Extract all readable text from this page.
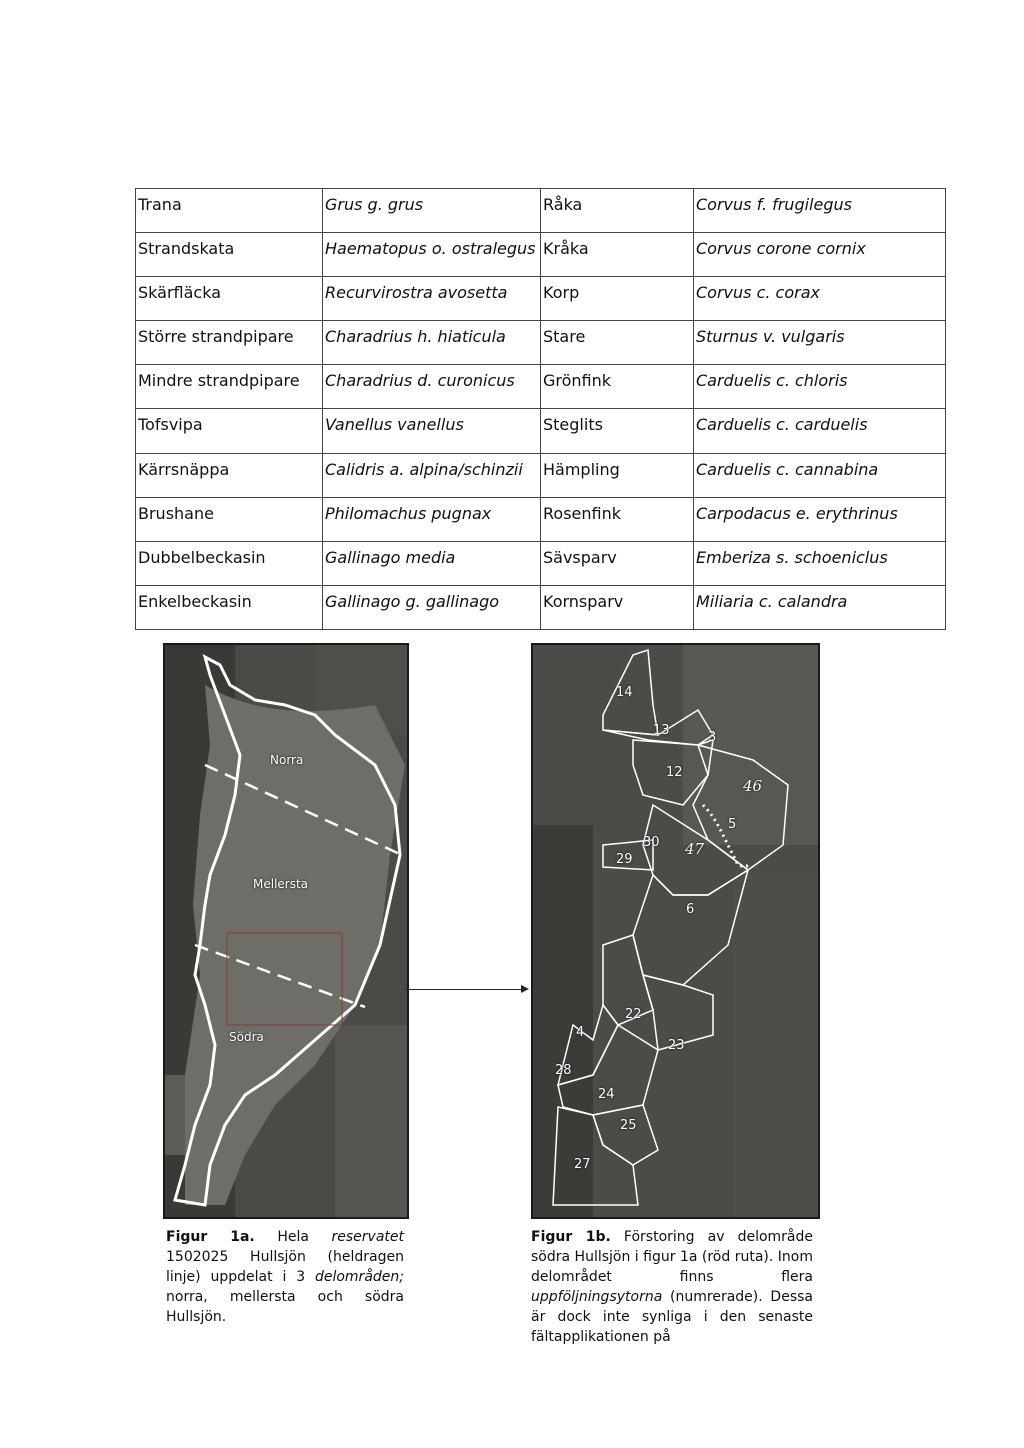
Trana	Grus g. grus	Råka	Corvus f. frugilegus
Strandskata	Haematopus o. ostralegus	Kråka	Corvus corone cornix
Skärfläcka	Recurvirostra avosetta	Korp	Corvus c. corax
Större strandpipare	Charadrius h. hiaticula	Stare	Sturnus v. vulgaris
Mindre strandpipare	Charadrius d. curonicus	Grönfink	Carduelis c. chloris
Tofsvipa	Vanellus vanellus	Steglits	Carduelis c. carduelis
Kärrsnäppa	Calidris a. alpina/schinzii	Hämpling	Carduelis c. cannabina
Brushane	Philomachus pugnax	Rosenfink	Carpodacus e. erythrinus
Dubbelbeckasin	Gallinago media	Sävsparv	Emberiza s. schoeniclus
Enkelbeckasin	Gallinago g. gallinago	Kornsparv	Miliaria c. calandra
Norra
Mellersta
Södra
14
13	3
12
46
5
30 47
29
6
22
4
23
28
24
25
27
Figur 1a. Hela reservatet 1502025 Hullsjön (heldragen linje) uppdelat i 3 delområden; norra, mellersta och södra Hullsjön.
Figur 1b. Förstoring av delområde södra Hullsjön i figur 1a (röd ruta). Inom delområdet finns flera uppföljningsytorna (numrerade). Dessa är dock inte synliga i den senaste fältapplikationen på
